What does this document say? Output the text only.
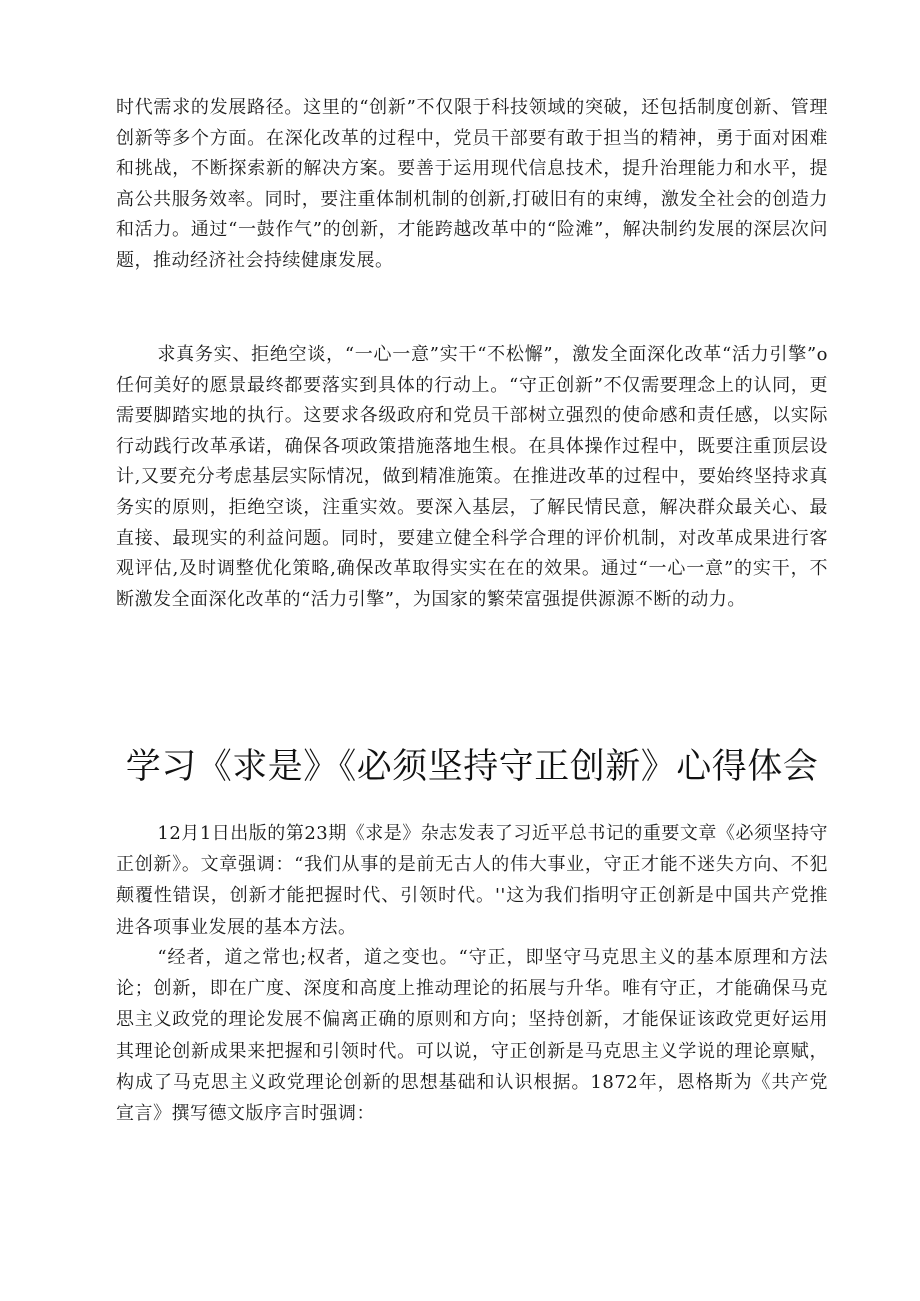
时代需求的发展路径。这里的“创新”不仅限于科技领域的突破，还包括制度创新、管理创新等多个方面。在深化改革的过程中，党员干部要有敢于担当的精神，勇于面对困难和挑战，不断探索新的解决方案。要善于运用现代信息技术，提升治理能力和水平，提高公共服务效率。同时，要注重体制机制的创新,打破旧有的束缚，激发全社会的创造力和活力。通过“一鼓作气”的创新，才能跨越改革中的“险滩”，解决制约发展的深层次问题，推动经济社会持续健康发展。

求真务实、拒绝空谈，“一心一意”实干“不松懈”，激发全面深化改革“活力引擎”o任何美好的愿景最终都要落实到具体的行动上。“守正创新”不仅需要理念上的认同，更需要脚踏实地的执行。这要求各级政府和党员干部树立强烈的使命感和责任感，以实际行动践行改革承诺，确保各项政策措施落地生根。在具体操作过程中，既要注重顶层设计,又要充分考虑基层实际情况，做到精准施策。在推进改革的过程中，要始终坚持求真务实的原则，拒绝空谈，注重实效。要深入基层，了解民情民意，解决群众最关心、最直接、最现实的利益问题。同时，要建立健全科学合理的评价机制，对改革成果进行客观评估,及时调整优化策略,确保改革取得实实在在的效果。通过“一心一意”的实干，不断激发全面深化改革的“活力引擎”，为国家的繁荣富强提供源源不断的动力。

学习《求是》《必须坚持守正创新》心得体会

12月1日出版的第23期《求是》杂志发表了习近平总书记的重要文章《必须坚持守正创新》。文章强调：“我们从事的是前无古人的伟大事业，守正才能不迷失方向、不犯颠覆性错误，创新才能把握时代、引领时代。''这为我们指明守正创新是中国共产党推进各项事业发展的基本方法。

“经者，道之常也;权者，道之变也。“守正，即坚守马克思主义的基本原理和方法论；创新，即在广度、深度和高度上推动理论的拓展与升华。唯有守正，才能确保马克思主义政党的理论发展不偏离正确的原则和方向；坚持创新，才能保证该政党更好运用其理论创新成果来把握和引领时代。可以说，守正创新是马克思主义学说的理论禀赋，构成了马克思主义政党理论创新的思想基础和认识根据。1872年，恩格斯为《共产党宣言》撰写德文版序言时强调：
